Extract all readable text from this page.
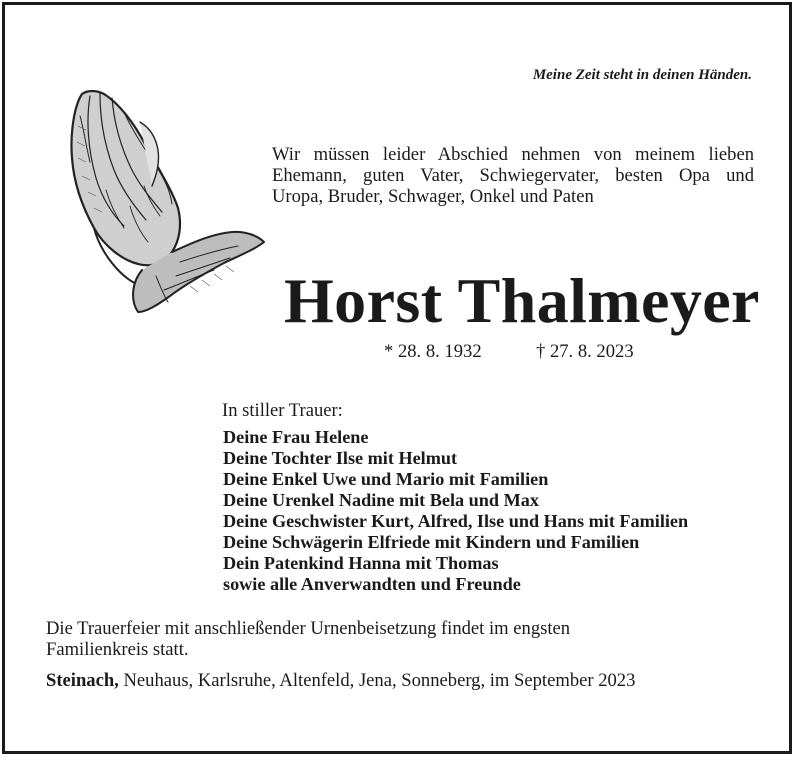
Meine Zeit steht in deinen Händen.
Wir müssen leider Abschied nehmen von meinem lieben
Ehemann, guten Vater, Schwiegervater, besten Opa und
Uropa, Bruder, Schwager, Onkel und Paten
Horst Thalmeyer
* 28. 8. 1932	† 27. 8. 2023
In stiller Trauer:
Deine Frau Helene
Deine Tochter Ilse mit Helmut
Deine Enkel Uwe und Mario mit Familien
Deine Urenkel Nadine mit Bela und Max
Deine Geschwister Kurt, Alfred, Ilse und Hans mit Familien
Deine Schwägerin Elfriede mit Kindern und Familien
Dein Patenkind Hanna mit Thomas
sowie alle Anverwandten und Freunde
Die Trauerfeier mit anschließender Urnenbeisetzung findet im engsten
Familienkreis statt.
Steinach, Neuhaus, Karlsruhe, Altenfeld, Jena, Sonneberg, im September 2023
